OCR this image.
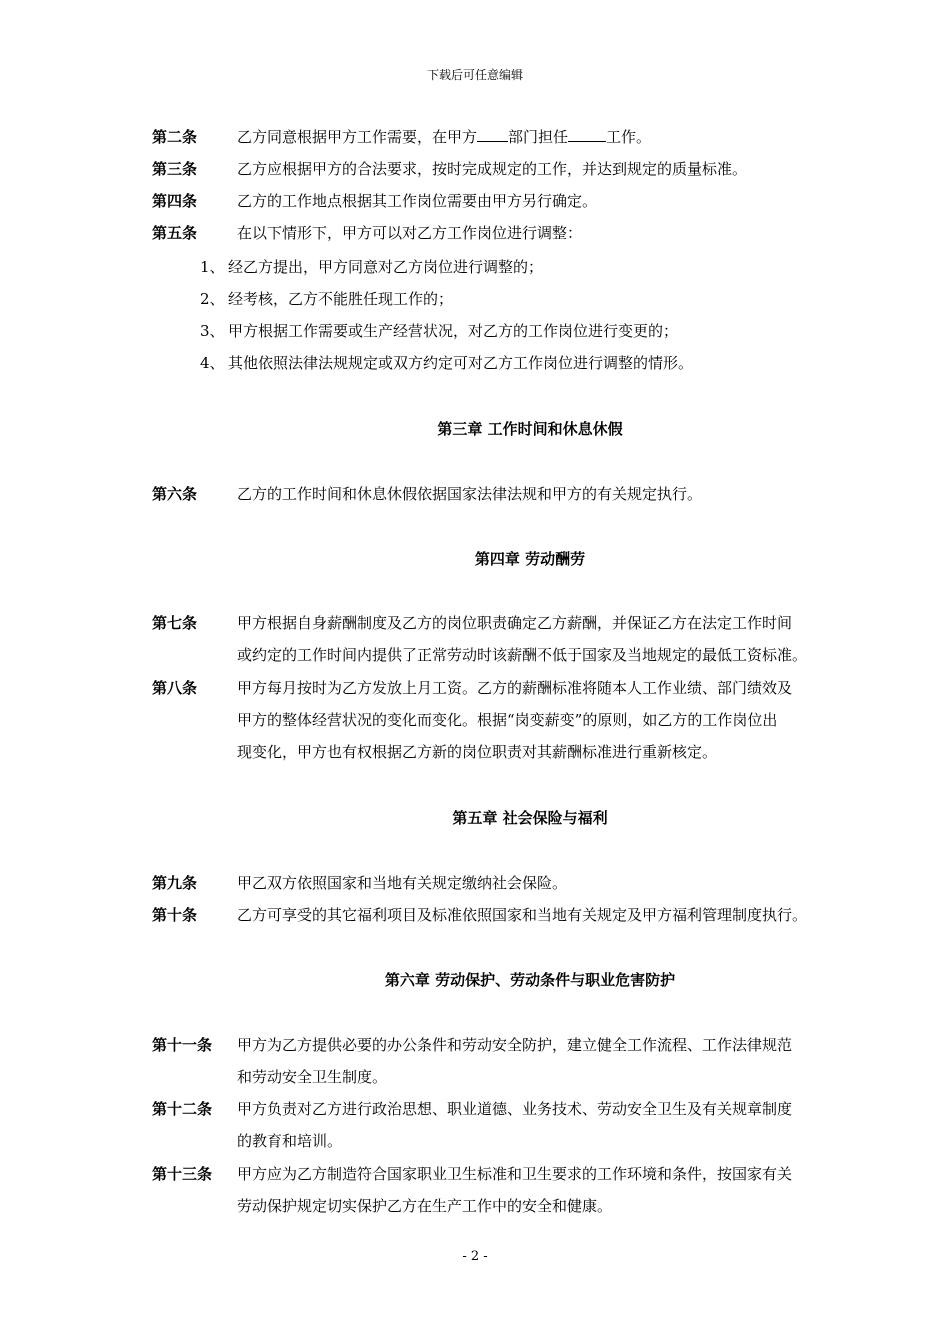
下载后可任意编辑
第二条	乙方同意根据甲方工作需要，在甲方 部门担任	工作。
第三条	乙方应根据甲方的合法要求，按时完成规定的工作，并达到规定的质量标准。
第四条	乙方的工作地点根据其工作岗位需要由甲方另行确定。
第五条	在以下情形下，甲方可以对乙方工作岗位进行调整：
1、 经乙方提出，甲方同意对乙方岗位进行调整的；
2、 经考核，乙方不能胜任现工作的；
3、 甲方根据工作需要或生产经营状况，对乙方的工作岗位进行变更的；
4、 其他依照法律法规规定或双方约定可对乙方工作岗位进行调整的情形。
第三章 工作时间和休息休假
第六条	乙方的工作时间和休息休假依据国家法律法规和甲方的有关规定执行。
第四章 劳动酬劳
第七条	甲方根据自身薪酬制度及乙方的岗位职责确定乙方薪酬，并保证乙方在法定工作时间
或约定的工作时间内提供了正常劳动时该薪酬不低于国家及当地规定的最低工资标准。
第八条	甲方每月按时为乙方发放上月工资。乙方的薪酬标准将随本人工作业绩、部门绩效及
甲方的整体经营状况的变化而变化。根据“岗变薪变”的原则，如乙方的工作岗位出
现变化，甲方也有权根据乙方新的岗位职责对其薪酬标准进行重新核定。
第五章 社会保险与福利
第九条	甲乙双方依照国家和当地有关规定缴纳社会保险。
第十条	乙方可享受的其它福利项目及标准依照国家和当地有关规定及甲方福利管理制度执行。
第六章 劳动保护、劳动条件与职业危害防护
第十一条 甲方为乙方提供必要的办公条件和劳动安全防护，建立健全工作流程、工作法律规范
和劳动安全卫生制度。
第十二条 甲方负责对乙方进行政治思想、职业道德、业务技术、劳动安全卫生及有关规章制度
的教育和培训。
第十三条 甲方应为乙方制造符合国家职业卫生标准和卫生要求的工作环境和条件，按国家有关
劳动保护规定切实保护乙方在生产工作中的安全和健康。
- 2 -
